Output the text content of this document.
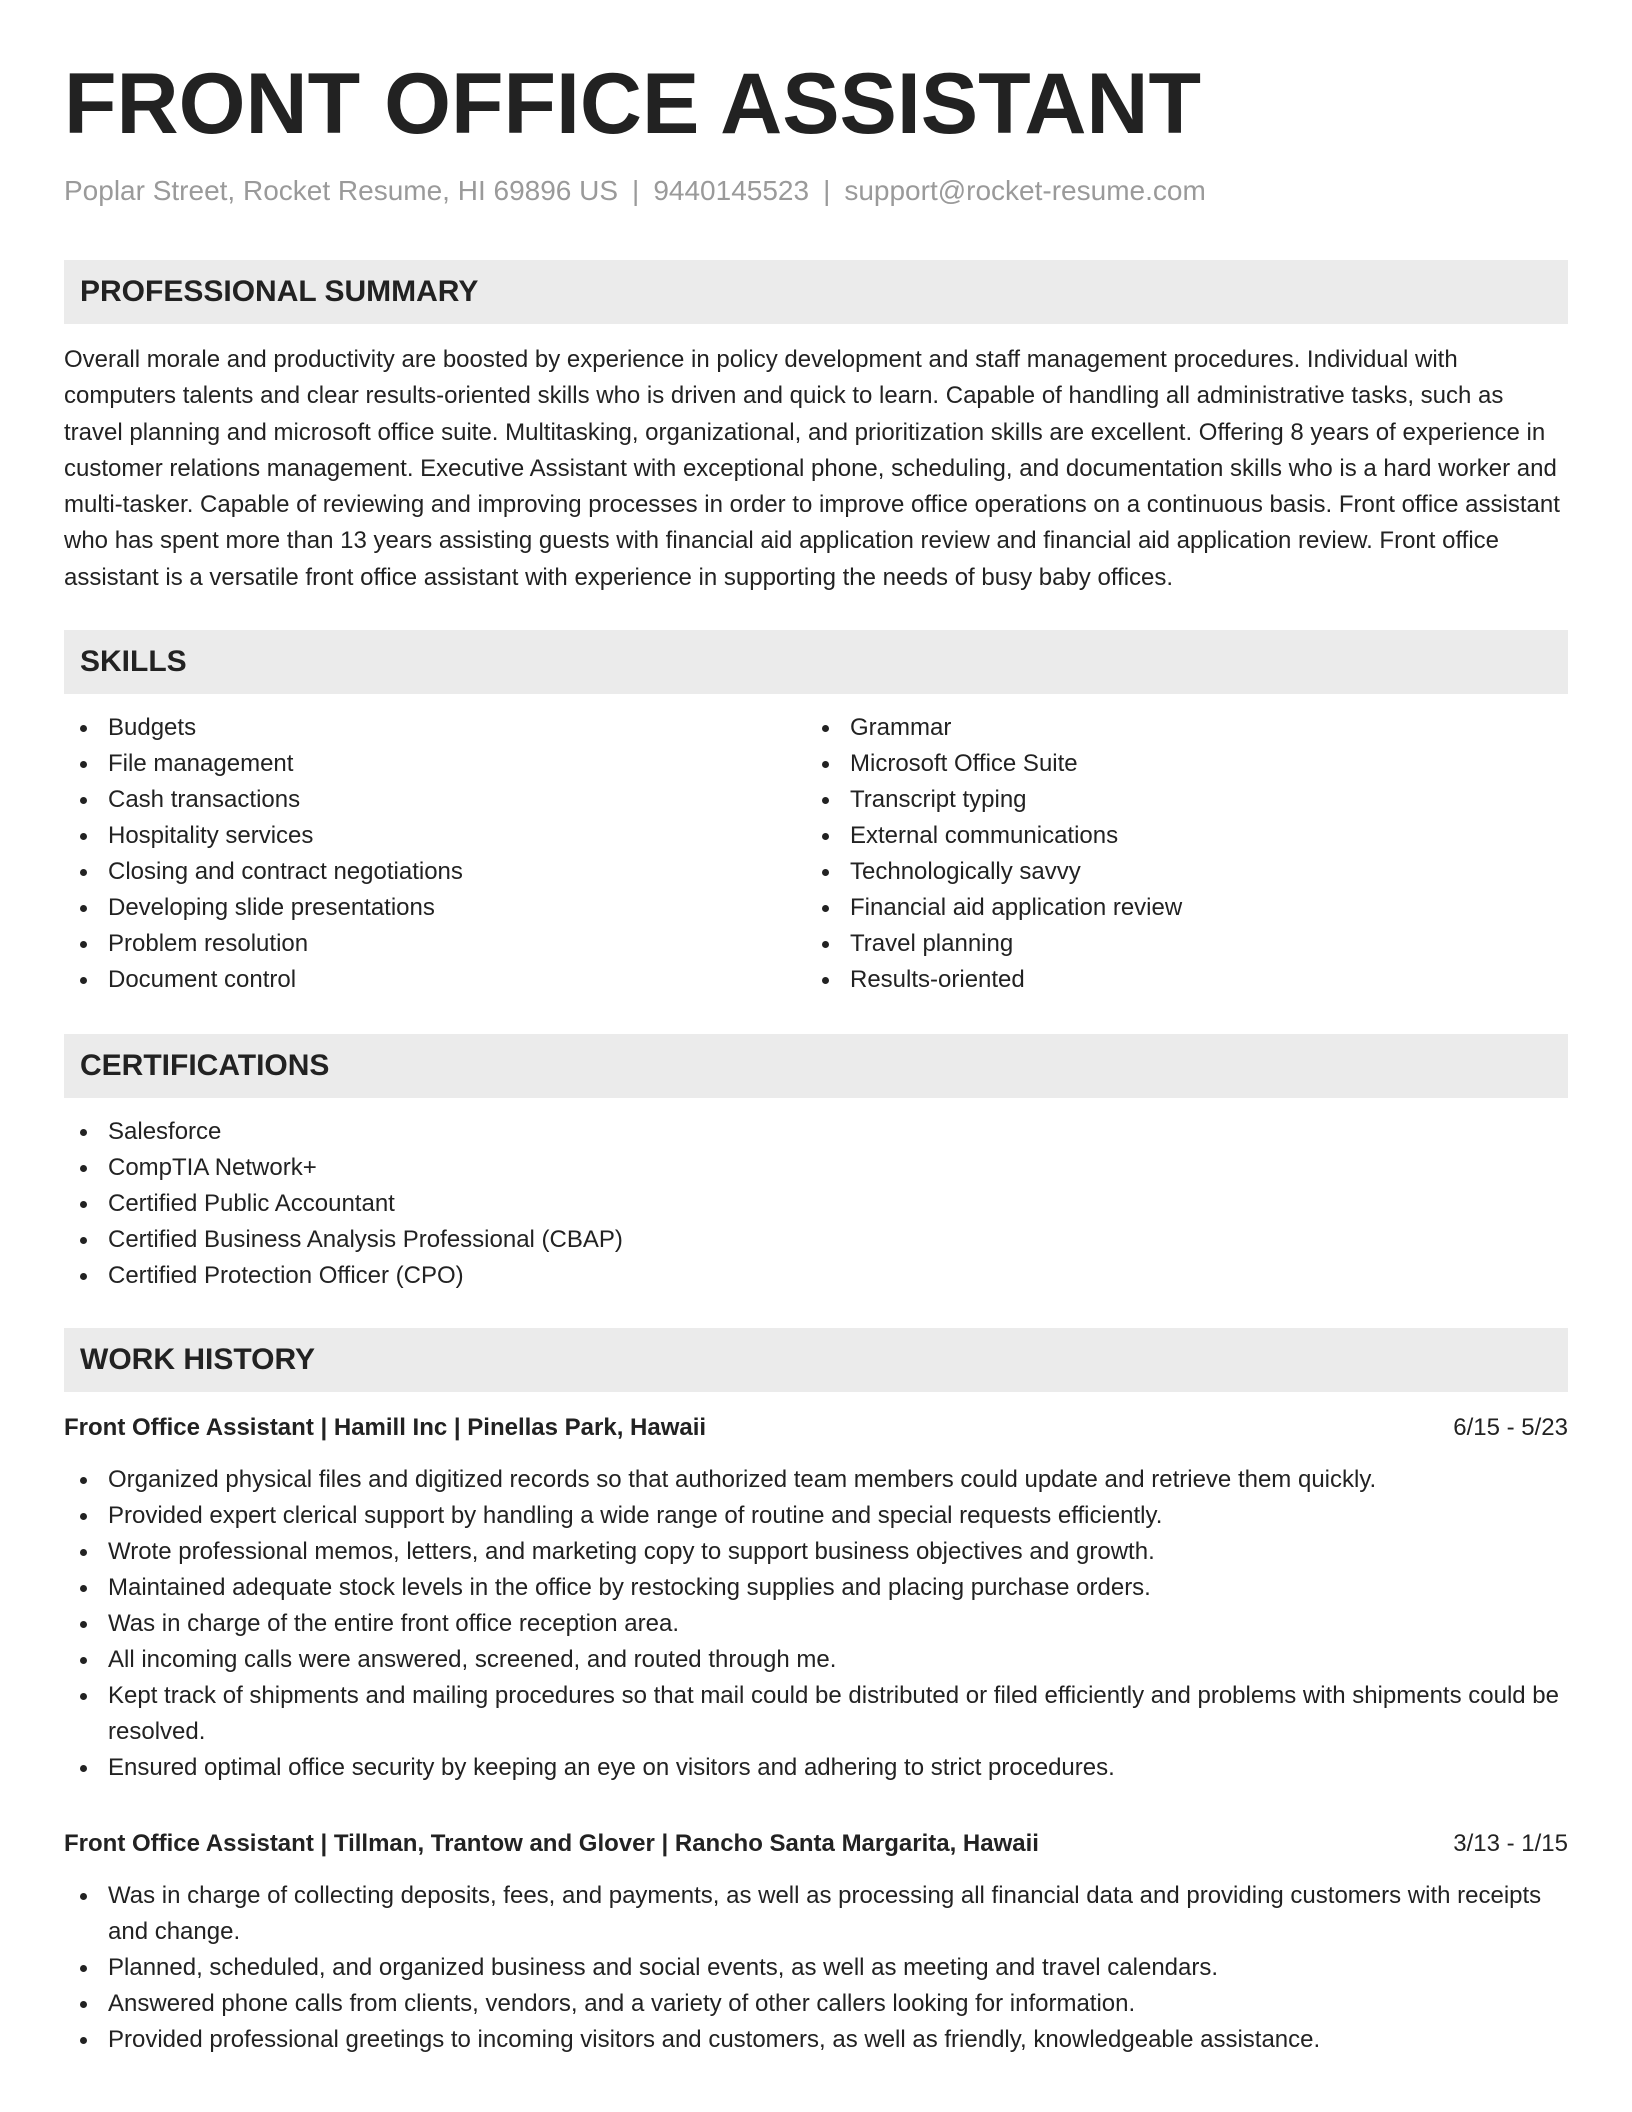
FRONT OFFICE ASSISTANT
Poplar Street, Rocket Resume, HI 69896 US | 9440145523 | support@rocket-resume.com
PROFESSIONAL SUMMARY

Overall morale and productivity are boosted by experience in policy development and staff management procedures. Individual with computers talents and clear results-oriented skills who is driven and quick to learn. Capable of handling all administrative tasks, such as travel planning and microsoft office suite. Multitasking, organizational, and prioritization skills are excellent. Offering 8 years of experience in customer relations management. Executive Assistant with exceptional phone, scheduling, and documentation skills who is a hard worker and multi-tasker. Capable of reviewing and improving processes in order to improve office operations on a continuous basis. Front office assistant who has spent more than 13 years assisting guests with financial aid application review and financial aid application review. Front office assistant is a versatile front office assistant with experience in supporting the needs of busy baby offices.

SKILLS
Budgets
File management
Cash transactions
Hospitality services
Closing and contract negotiations
Developing slide presentations
Problem resolution
Document control
Grammar
Microsoft Office Suite
Transcript typing
External communications
Technologically savvy
Financial aid application review
Travel planning
Results-oriented
CERTIFICATIONS
Salesforce
CompTIA Network+
Certified Public Accountant
Certified Business Analysis Professional (CBAP)
Certified Protection Officer (CPO)
WORK HISTORY
Front Office Assistant | Hamill Inc | Pinellas Park, Hawaii	6/15 - 5/23
Organized physical files and digitized records so that authorized team members could update and retrieve them quickly.
Provided expert clerical support by handling a wide range of routine and special requests efficiently.
Wrote professional memos, letters, and marketing copy to support business objectives and growth.
Maintained adequate stock levels in the office by restocking supplies and placing purchase orders.
Was in charge of the entire front office reception area.
All incoming calls were answered, screened, and routed through me.
Kept track of shipments and mailing procedures so that mail could be distributed or filed efficiently and problems with shipments could be resolved.
Ensured optimal office security by keeping an eye on visitors and adhering to strict procedures.
Front Office Assistant | Tillman, Trantow and Glover | Rancho Santa Margarita, Hawaii	3/13 - 1/15
Was in charge of collecting deposits, fees, and payments, as well as processing all financial data and providing customers with receipts and change.
Planned, scheduled, and organized business and social events, as well as meeting and travel calendars.
Answered phone calls from clients, vendors, and a variety of other callers looking for information.
Provided professional greetings to incoming visitors and customers, as well as friendly, knowledgeable assistance.
